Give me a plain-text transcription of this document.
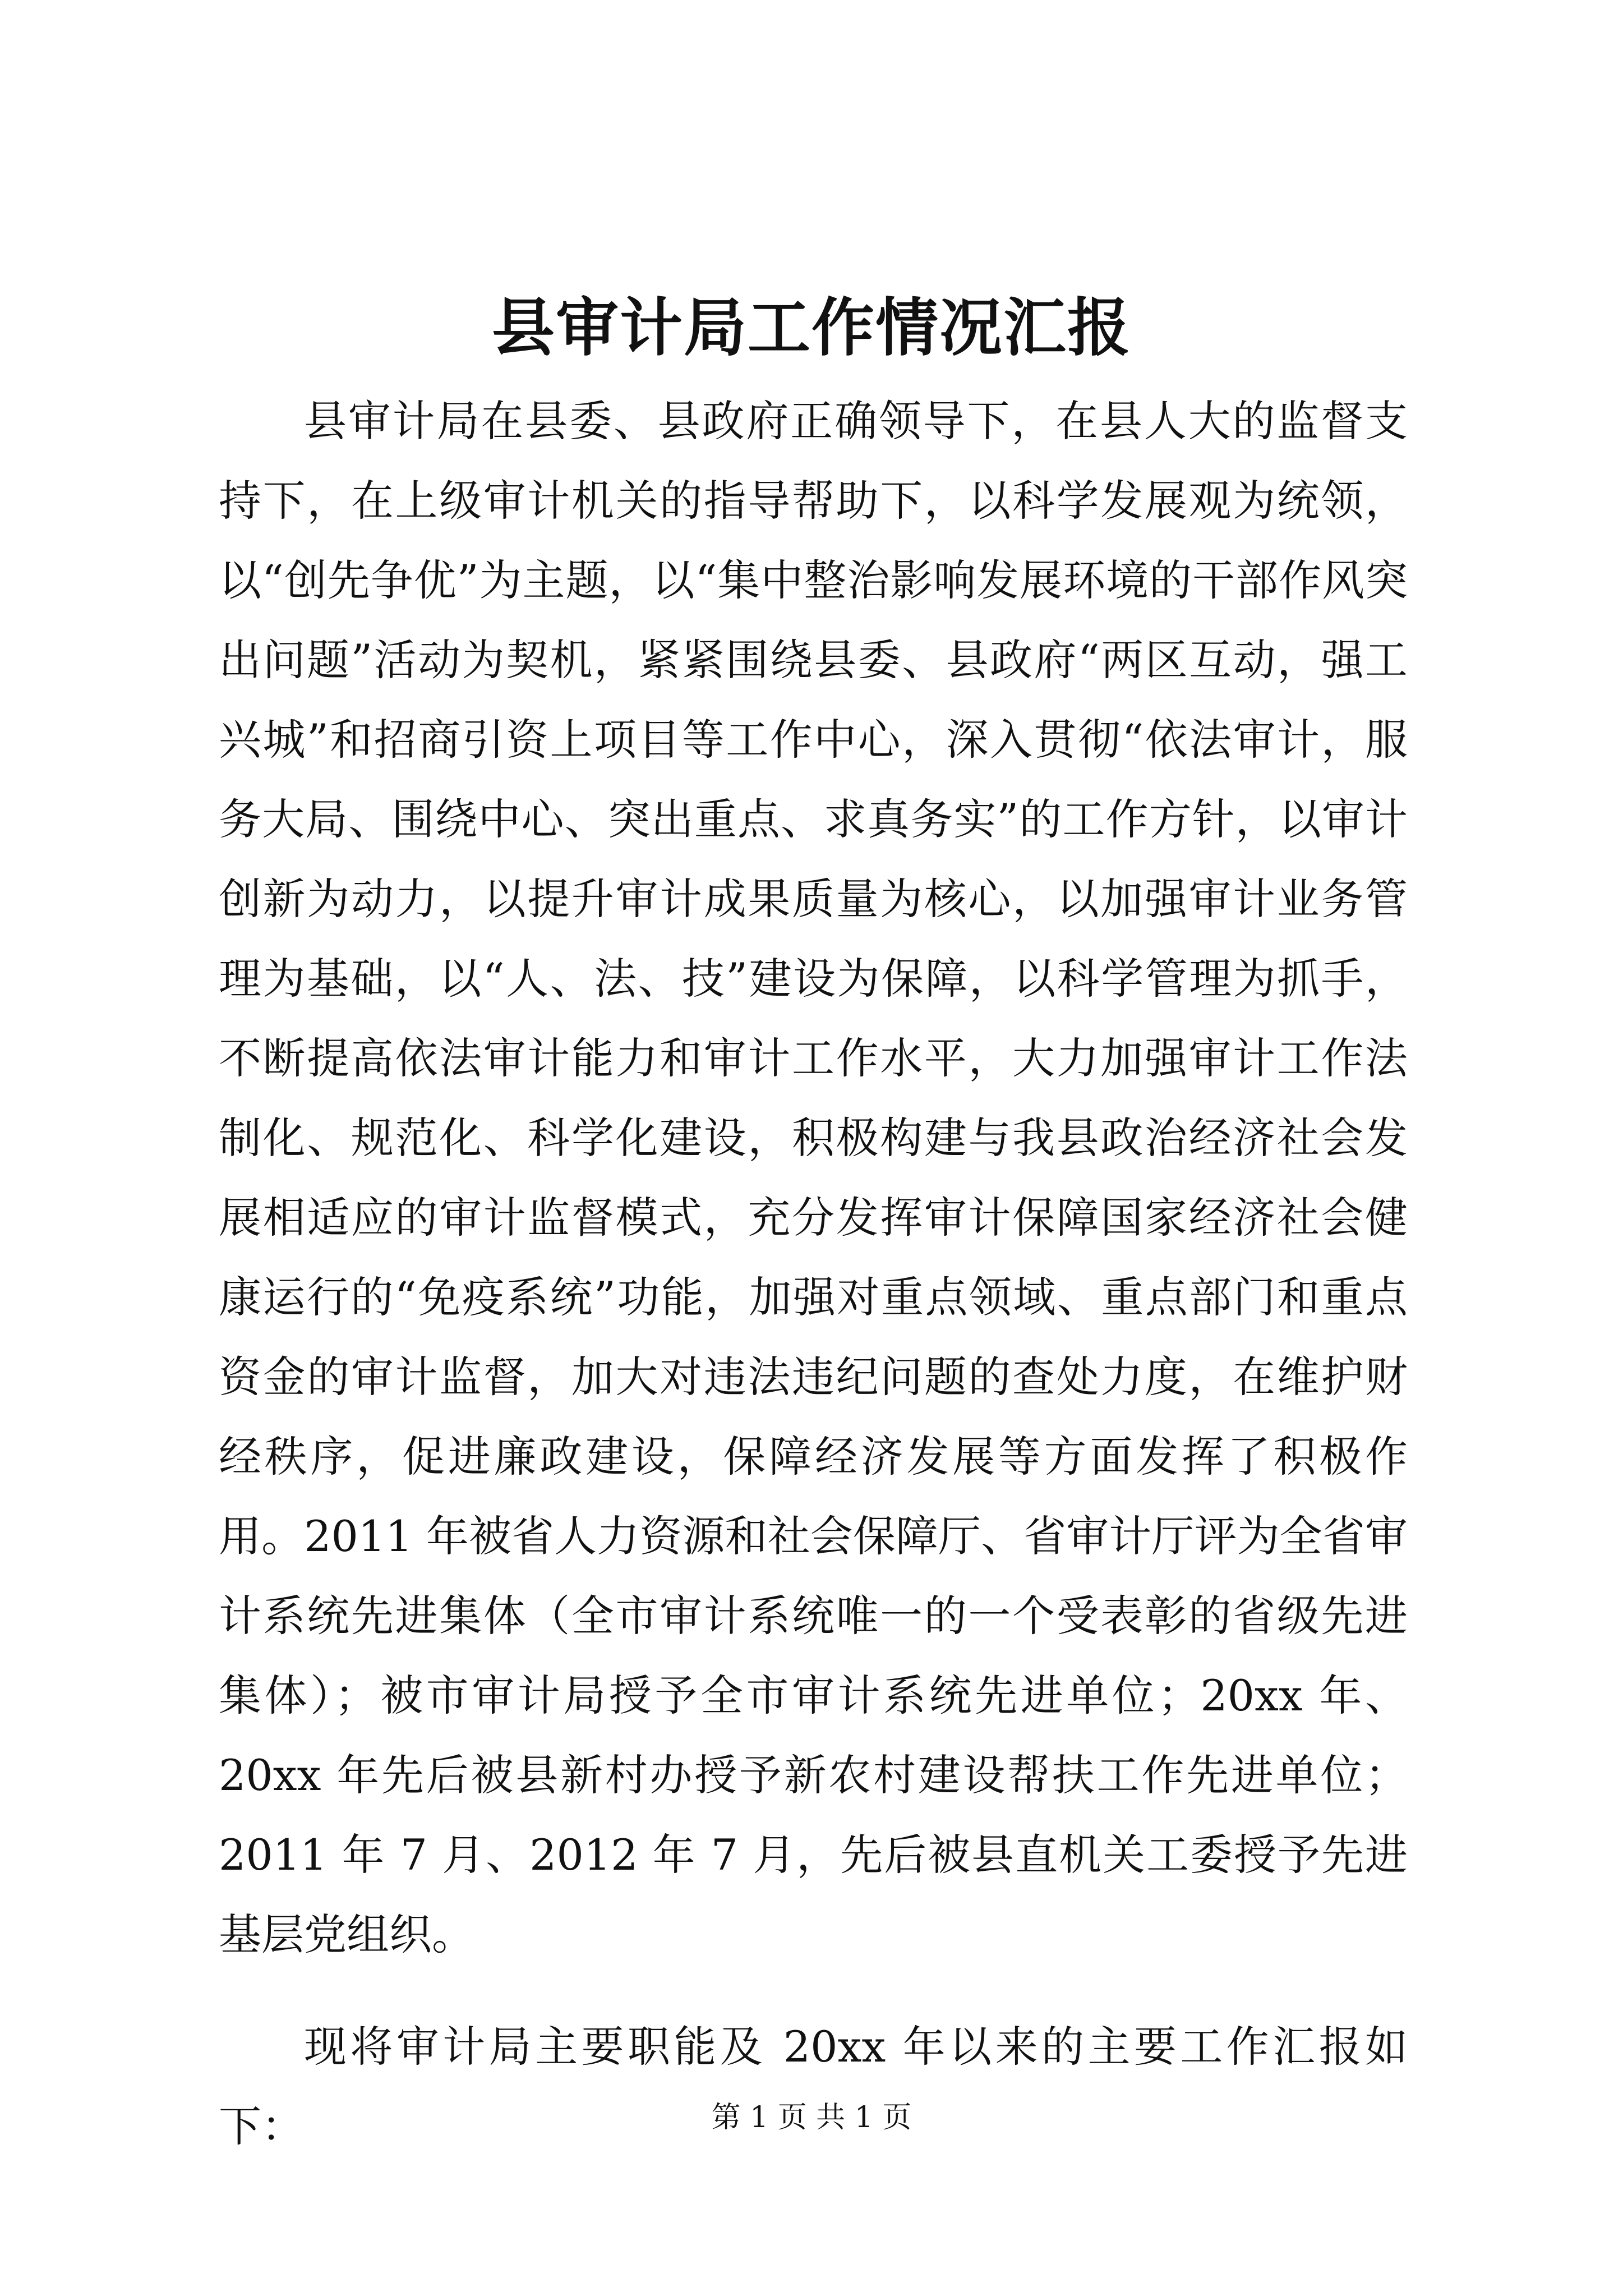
县审计局工作情况汇报

县审计局在县委、县政府正确领导下，在县人大的监督支持下，在上级审计机关的指导帮助下，以科学发展观为统领，以“创先争优”为主题，以“集中整治影响发展环境的干部作风突出问题”活动为契机，紧紧围绕县委、县政府“两区互动，强工兴城”和招商引资上项目等工作中心，深入贯彻“依法审计，服务大局、围绕中心、突出重点、求真务实”的工作方针，以审计创新为动力，以提升审计成果质量为核心，以加强审计业务管理为基础，以“人、法、技”建设为保障，以科学管理为抓手，不断提高依法审计能力和审计工作水平，大力加强审计工作法制化、规范化、科学化建设，积极构建与我县政治经济社会发展相适应的审计监督模式，充分发挥审计保障国家经济社会健康运行的“免疫系统”功能，加强对重点领域、重点部门和重点资金的审计监督，加大对违法违纪问题的查处力度，在维护财经秩序，促进廉政建设，保障经济发展等方面发挥了积极作用。2011 年被省人力资源和社会保障厅、省审计厅评为全省审计系统先进集体（全市审计系统唯一的一个受表彰的省级先进集体）；被市审计局授予全市审计系统先进单位；20xx 年、20xx 年先后被县新村办授予新农村建设帮扶工作先进单位；2011 年 7 月、2012 年 7 月，先后被县直机关工委授予先进基层党组织。

现将审计局主要职能及 20xx 年以来的主要工作汇报如下：	第 1 页 共 1 页
